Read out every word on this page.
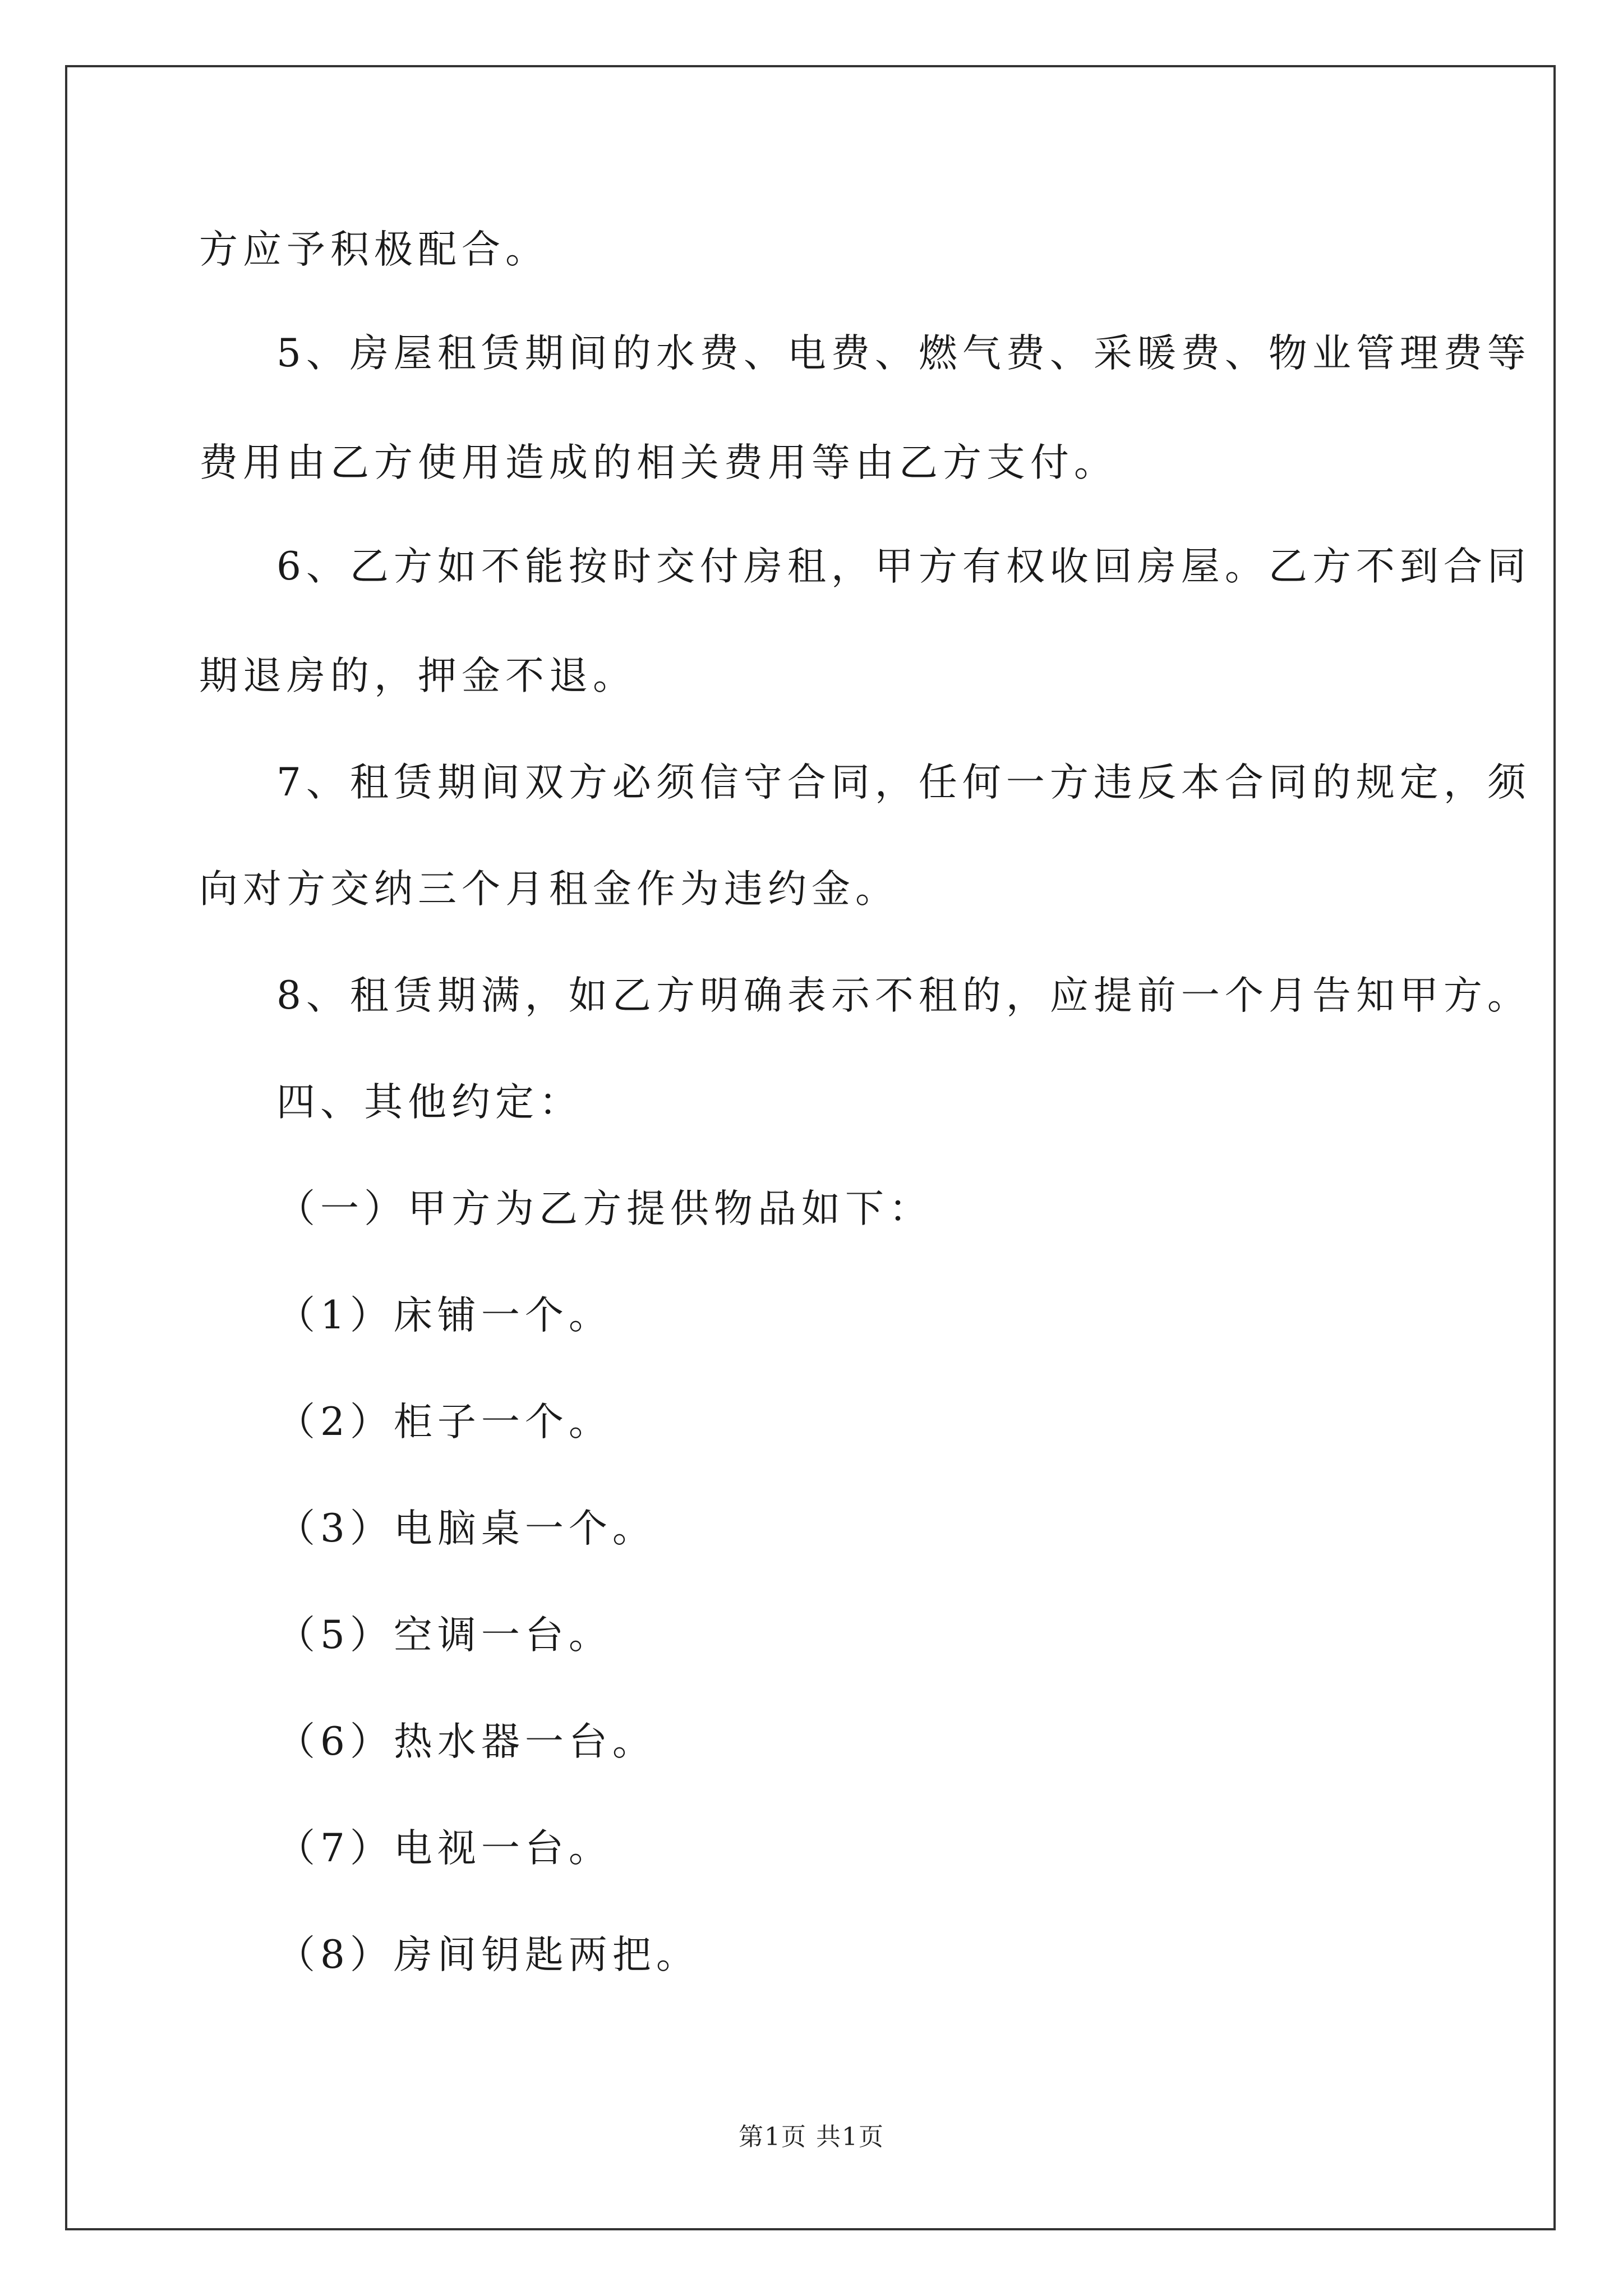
方应予积极配合。
5、房屋租赁期间的水费、电费、燃气费、采暖费、物业管理费等
费用由乙方使用造成的相关费用等由乙方支付。
6、乙方如不能按时交付房租，甲方有权收回房屋。乙方不到合同
期退房的，押金不退。
7、租赁期间双方必须信守合同，任何一方违反本合同的规定，须
向对方交纳三个月租金作为违约金。
8、租赁期满，如乙方明确表示不租的，应提前一个月告知甲方。
四、其他约定：
（一）甲方为乙方提供物品如下：
（1）床铺一个。
（2）柜子一个。
（3）电脑桌一个。
（5）空调一台。
（6）热水器一台。
（7）电视一台。
（8）房间钥匙两把。
第1页 共1页
